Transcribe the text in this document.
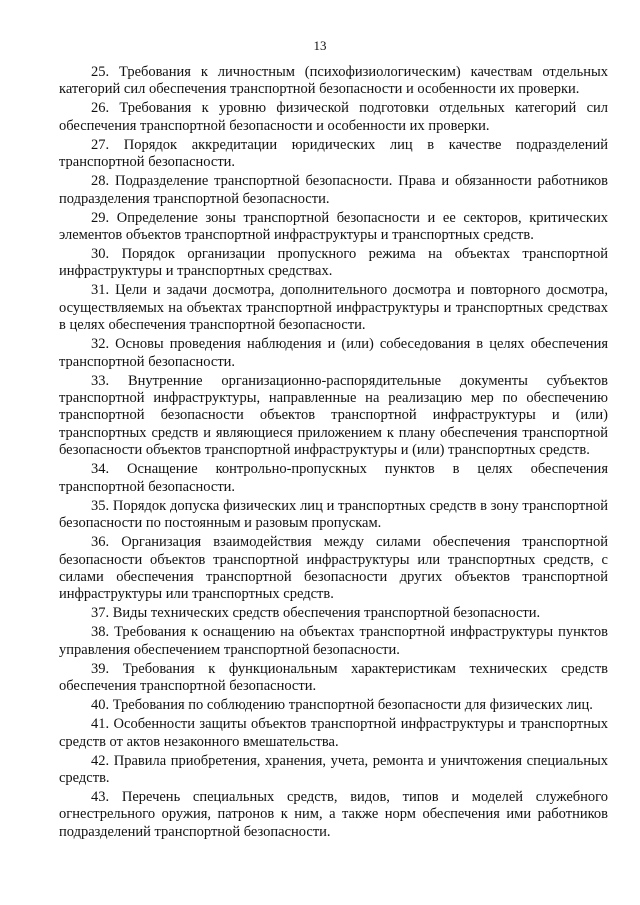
13

25. Требования к личностным (психофизиологическим) качествам отдельных категорий сил обеспечения транспортной безопасности и особенности их проверки.

26. Требования к уровню физической подготовки отдельных категорий сил обеспечения транспортной безопасности и особенности их проверки.

27. Порядок аккредитации юридических лиц в качестве подразделений транспортной безопасности.

28. Подразделение транспортной безопасности. Права и обязанности работников подразделения транспортной безопасности.

29. Определение зоны транспортной безопасности и ее секторов, критических элементов объектов транспортной инфраструктуры и транспортных средств.

30. Порядок организации пропускного режима на объектах транспортной инфраструктуры и транспортных средствах.

31. Цели и задачи досмотра, дополнительного досмотра и повторного досмотра, осуществляемых на объектах транспортной инфраструктуры и транспортных средствах в целях обеспечения транспортной безопасности.

32. Основы проведения наблюдения и (или) собеседования в целях обеспечения транспортной безопасности.

33. Внутренние организационно-распорядительные документы субъектов транспортной инфраструктуры, направленные на реализацию мер по обеспечению транспортной безопасности объектов транспортной инфраструктуры и (или) транспортных средств и являющиеся приложением к плану обеспечения транспортной безопасности объектов транспортной инфраструктуры и (или) транспортных средств.

34. Оснащение контрольно-пропускных пунктов в целях обеспечения транспортной безопасности.

35. Порядок допуска физических лиц и транспортных средств в зону транспортной безопасности по постоянным и разовым пропускам.

36. Организация взаимодействия между силами обеспечения транспортной безопасности объектов транспортной инфраструктуры или транспортных средств, с силами обеспечения транспортной безопасности других объектов транспортной инфраструктуры или транспортных средств.

37. Виды технических средств обеспечения транспортной безопасности.

38. Требования к оснащению на объектах транспортной инфраструктуры пунктов управления обеспечением транспортной безопасности.

39. Требования к функциональным характеристикам технических средств обеспечения транспортной безопасности.

40. Требования по соблюдению транспортной безопасности для физических лиц.

41. Особенности защиты объектов транспортной инфраструктуры и транспортных средств от актов незаконного вмешательства.

42. Правила приобретения, хранения, учета, ремонта и уничтожения специальных средств.

43. Перечень специальных средств, видов, типов и моделей служебного огнестрельного оружия, патронов к ним, а также норм обеспечения ими работников подразделений транспортной безопасности.
